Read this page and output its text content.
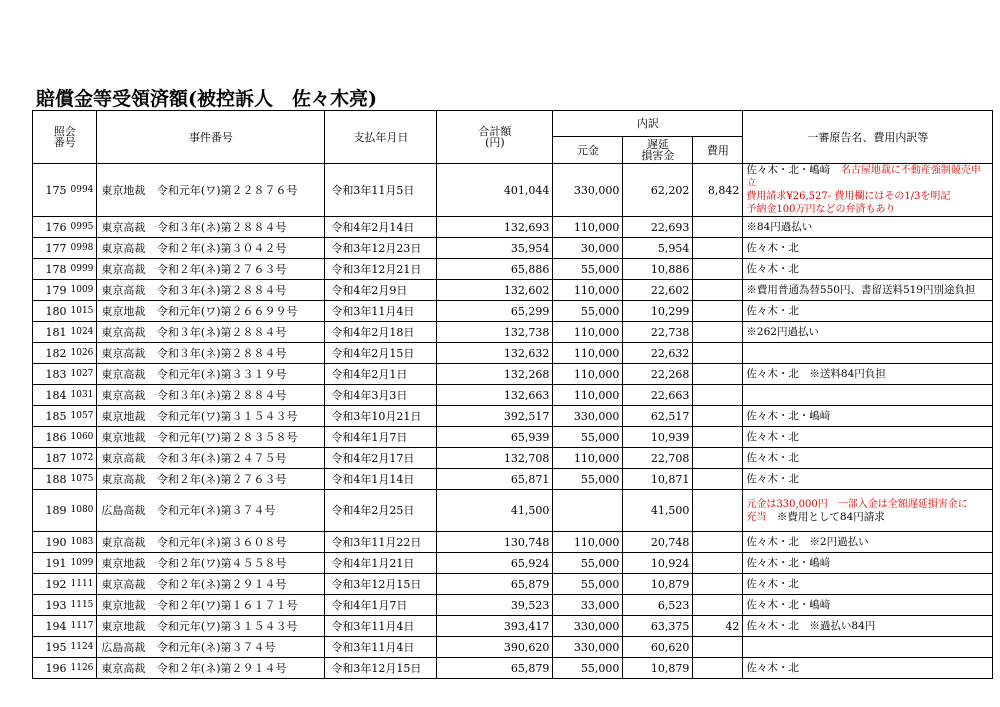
賠償金等受領済額(被控訴人　佐々木亮)
照会
番号		事件番号		支払年月日	合計額
(円)	内訳			一審原告名、費用内訳等
						元金	遅延
損害金	費用	
175	0994	東京地裁	令和元年(ワ)第２２８７６号	令和3年11月5日	401,044	330,000	62,202	8,842	佐々木・北・嶋﨑　 名古屋地裁に不動産強制競売申立
費用請求¥26,527- 費用欄にはその1/3を明記
予納金100万円などの弁済もあり
176	0995	東京高裁	令和３年(ネ)第２８８４号	令和4年2月14日	132,693	110,000	22,693		※84円過払い
177	0998	東京高裁	令和２年(ネ)第３０４２号	令和3年12月23日	35,954	30,000	5,954		佐々木・北
178	0999	東京高裁	令和２年(ネ)第２７６３号	令和3年12月21日	65,886	55,000	10,886		佐々木・北
179	1009	東京高裁	令和３年(ネ)第２８８４号	令和4年2月9日	132,602	110,000	22,602		※費用普通為替550円、書留送料519円別途負担
180	1015	東京地裁	令和元年(ワ)第２６６９９号	令和3年11月4日	65,299	55,000	10,299		佐々木・北
181	1024	東京高裁	令和３年(ネ)第２８８４号	令和4年2月18日	132,738	110,000	22,738		※262円過払い
182	1026	東京高裁	令和３年(ネ)第２８８４号	令和4年2月15日	132,632	110,000	22,632		
183	1027	東京高裁	令和元年(ネ)第３３１９号	令和4年2月1日	132,268	110,000	22,268		佐々木・北　※送料84円負担
184	1031	東京高裁	令和３年(ネ)第２８８４号	令和4年3月3日	132,663	110,000	22,663		
185	1057	東京地裁	令和元年(ワ)第３１５４３号	令和3年10月21日	392,517	330,000	62,517		佐々木・北・嶋﨑
186	1060	東京地裁	令和元年(ワ)第２８３５８号	令和4年1月7日	65,939	55,000	10,939		佐々木・北
187	1072	東京高裁	令和３年(ネ)第２４７５号	令和4年2月17日	132,708	110,000	22,708		佐々木・北
188	1075	東京高裁	令和２年(ネ)第２７６３号	令和4年1月14日	65,871	55,000	10,871		佐々木・北
189	1080	広島高裁	令和元年(ネ)第３７４号	令和4年2月25日	41,500		41,500		元金は330,000円　一部入金は全額遅延損害金に
充当　 ※費用として84円請求
190	1083	東京高裁	令和元年(ネ)第３６０８号	令和3年11月22日	130,748	110,000	20,748		佐々木・北　※2円過払い
191	1099	東京地裁	令和２年(ワ)第４５５８号	令和4年1月21日	65,924	55,000	10,924		佐々木・北・嶋﨑
192	1111	東京高裁	令和２年(ネ)第２９１４号	令和3年12月15日	65,879	55,000	10,879		佐々木・北
193	1115	東京地裁	令和２年(ワ)第１６１７１号	令和4年1月7日	39,523	33,000	6,523		佐々木・北・嶋﨑
194	1117	東京地裁	令和元年(ワ)第３１５４３号	令和3年11月4日	393,417	330,000	63,375	42	佐々木・北　※過払い84円
195	1124	広島高裁	令和元年(ネ)第３７４号	令和3年11月4日	390,620	330,000	60,620		
196	1126	東京高裁	令和２年(ネ)第２９１４号	令和3年12月15日	65,879	55,000	10,879		佐々木・北
